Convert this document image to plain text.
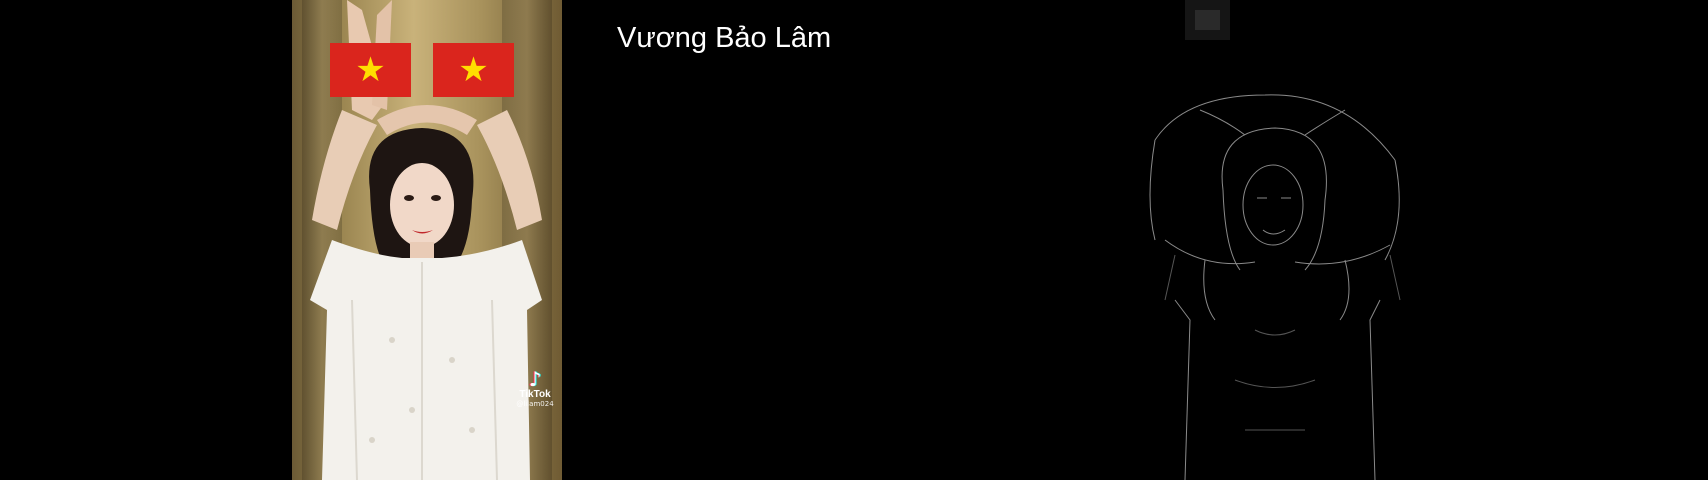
★ ★
♪
TikTok
@lilam024
Vương Bảo Lâm
